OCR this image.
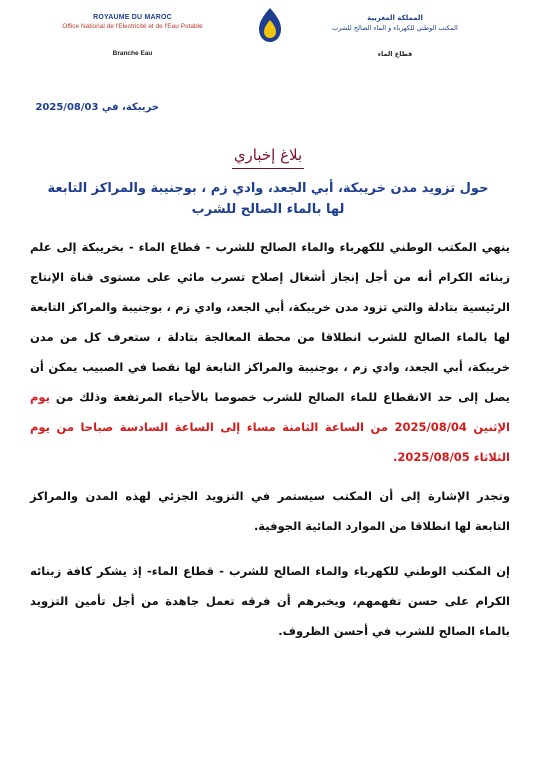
ROYAUME DU MAROC
Office National de l'Electricité et de l'Eau Potable
Branche Eau
المملكة المغربية
المكتب الوطني للكهرباء و الماء الصالح للشرب
قطاع الماء
خريبكة، في 2025/08/03
بلاغ إخباري
حول تزويد مدن خريبكة، أبي الجعد، وادي زم ، بوجنيبة والمراكز التابعة لها بالماء الصالح للشرب
ينهي المكتب الوطني للكهرباء والماء الصالح للشرب - قطاع الماء - بخريبكة إلى علم زبنائه الكرام أنه من أجل إنجاز أشغال إصلاح تسرب مائي على مستوى قناة الإنتاج الرئيسية بتادلة والتي تزود مدن خريبكة، أبي الجعد، وادي زم ، بوجنيبة والمراكز التابعة لها بالماء الصالح للشرب انطلاقا من محطة المعالجة بتادلة ، ستعرف كل من مدن خريبكة، أبي الجعد، وادي زم ، بوجنيبة والمراكز التابعة لها نقصا في الصبيب يمكن أن يصل إلى حد الانقطاع للماء الصالح للشرب خصوصا بالأحياء المرتفعة وذلك من يوم الإثنين 2025/08/04 من الساعة الثامنة مساء إلى الساعة السادسة صباحا من يوم الثلاثاء 2025/08/05.
وتجدر الإشارة إلى أن المكتب سيستمر في التزويد الجزئي لهذه المدن والمراكز التابعة لها انطلاقا من الموارد المائية الجوفية.
إن المكتب الوطني للكهرباء والماء الصالح للشرب - قطاع الماء- إذ يشكر كافة زبنائه الكرام على حسن تفهمهم، ويخبرهم أن فرقه تعمل جاهدة من أجل تأمين التزويد بالماء الصالح للشرب في أحسن الظروف.
